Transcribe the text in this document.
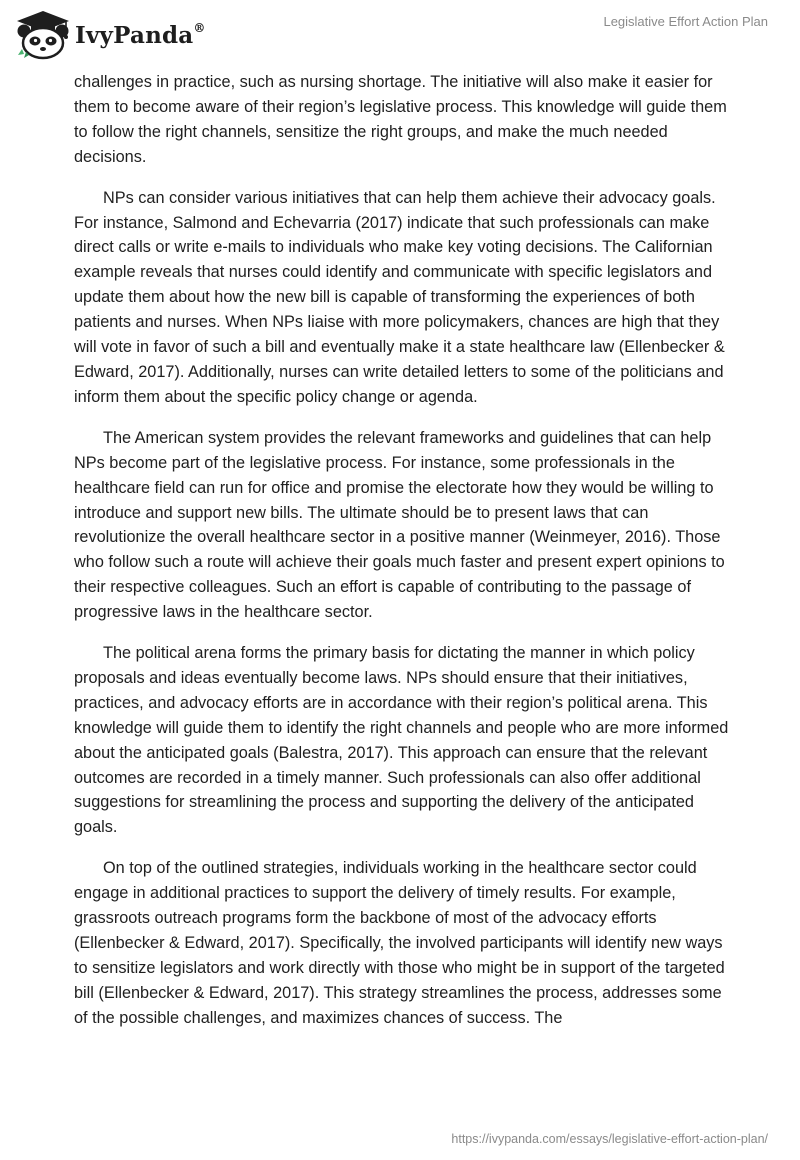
IvyPanda®	Legislative Effort Action Plan

challenges in practice, such as nursing shortage. The initiative will also make it easier for them to become aware of their region’s legislative process. This knowledge will guide them to follow the right channels, sensitize the right groups, and make the much needed decisions.

NPs can consider various initiatives that can help them achieve their advocacy goals. For instance, Salmond and Echevarria (2017) indicate that such professionals can make direct calls or write e-mails to individuals who make key voting decisions. The Californian example reveals that nurses could identify and communicate with specific legislators and update them about how the new bill is capable of transforming the experiences of both patients and nurses. When NPs liaise with more policymakers, chances are high that they will vote in favor of such a bill and eventually make it a state healthcare law (Ellenbecker & Edward, 2017). Additionally, nurses can write detailed letters to some of the politicians and inform them about the specific policy change or agenda.

The American system provides the relevant frameworks and guidelines that can help NPs become part of the legislative process. For instance, some professionals in the healthcare field can run for office and promise the electorate how they would be willing to introduce and support new bills. The ultimate should be to present laws that can revolutionize the overall healthcare sector in a positive manner (Weinmeyer, 2016). Those who follow such a route will achieve their goals much faster and present expert opinions to their respective colleagues. Such an effort is capable of contributing to the passage of progressive laws in the healthcare sector.

The political arena forms the primary basis for dictating the manner in which policy proposals and ideas eventually become laws. NPs should ensure that their initiatives, practices, and advocacy efforts are in accordance with their region’s political arena. This knowledge will guide them to identify the right channels and people who are more informed about the anticipated goals (Balestra, 2017). This approach can ensure that the relevant outcomes are recorded in a timely manner. Such professionals can also offer additional suggestions for streamlining the process and supporting the delivery of the anticipated goals.

On top of the outlined strategies, individuals working in the healthcare sector could engage in additional practices to support the delivery of timely results. For example, grassroots outreach programs form the backbone of most of the advocacy efforts (Ellenbecker & Edward, 2017). Specifically, the involved participants will identify new ways to sensitize legislators and work directly with those who might be in support of the targeted bill (Ellenbecker & Edward, 2017). This strategy streamlines the process, addresses some of the possible challenges, and maximizes chances of success. The

https://ivypanda.com/essays/legislative-effort-action-plan/
